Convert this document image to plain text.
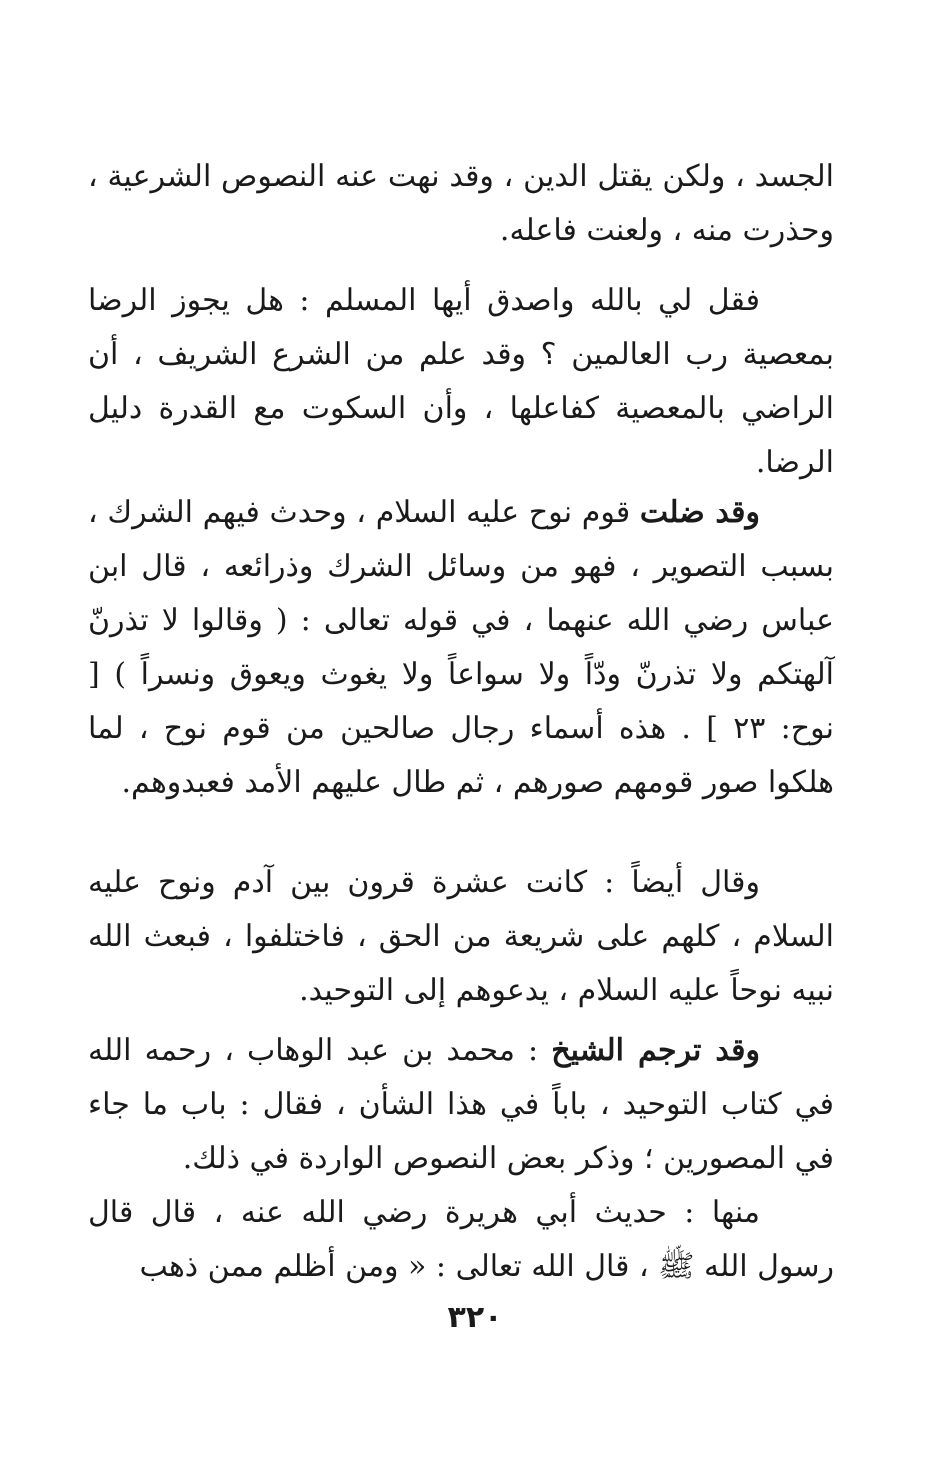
الجسد ، ولكن يقتل الدين ، وقد نهت عنه النصوص الشرعية ، وحذرت منه ، ولعنت فاعله.

فقل لي بالله واصدق أيها المسلم : هل يجوز الرضا بمعصية رب العالمين ؟ وقد علم من الشرع الشريف ، أن الراضي بالمعصية كفاعلها ، وأن السكوت مع القدرة دليل الرضا.

وقد ضلت قوم نوح عليه السلام ، وحدث فيهم الشرك ، بسبب التصوير ، فهو من وسائل الشرك وذرائعه ، قال ابن عباس رضي الله عنهما ، في قوله تعالى : ( وقالوا لا تذرنّ آلهتكم ولا تذرنّ ودّاً ولا سواعاً ولا يغوث ويعوق ونسراً ) [ نوح: ٢٣ ] . هذه أسماء رجال صالحين من قوم نوح ، لما هلكوا صور قومهم صورهم ، ثم طال عليهم الأمد فعبدوهم.

وقال أيضاً : كانت عشرة قرون بين آدم ونوح عليه السلام ، كلهم على شريعة من الحق ، فاختلفوا ، فبعث الله نبيه نوحاً عليه السلام ، يدعوهم إلى التوحيد.

وقد ترجم الشيخ : محمد بن عبد الوهاب ، رحمه الله في كتاب التوحيد ، باباً في هذا الشأن ، فقال : باب ما جاء في المصورين ؛ وذكر بعض النصوص الواردة في ذلك.

منها : حديث أبي هريرة رضي الله عنه ، قال قال رسول الله ﷺ ، قال الله تعالى : « ومن أظلم ممن ذهب

٣٢٠
